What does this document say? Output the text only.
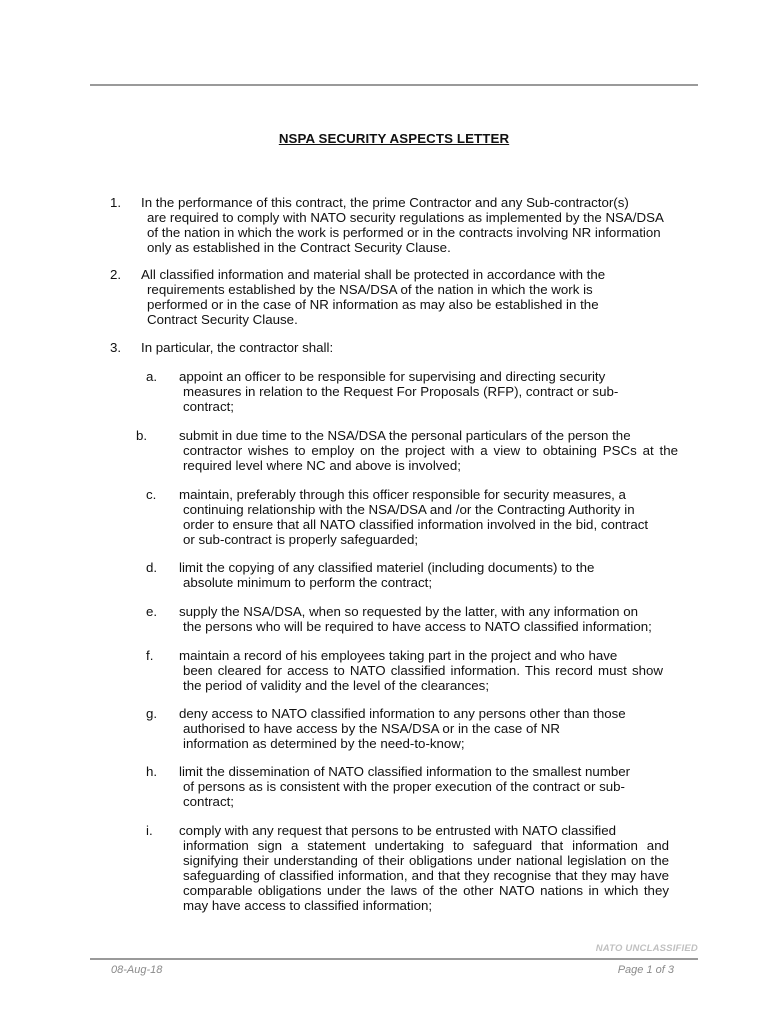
NSPA SECURITY ASPECTS LETTER
1.	In the performance of this contract, the prime Contractor and any Sub-contractor(s)
are required to comply with NATO security regulations as implemented by the NSA/DSA of the nation in which the work is performed or in the contracts involving NR information only as established in the Contract Security Clause.
2.	All classified information and material shall be protected in accordance with the
requirements established by the NSA/DSA of the nation in which the work is performed or in the case of NR information as may also be established in the Contract Security Clause.
3.	In particular, the contractor shall:
a.	appoint an officer to be responsible for supervising and directing security
measures in relation to the Request For Proposals (RFP), contract or sub-contract;
b.	submit in due time to the NSA/DSA the personal particulars of the person the
contractor wishes to employ on the project with a view to obtaining PSCs at the required level where NC and above is involved;
c.	maintain, preferably through this officer responsible for security measures, a
continuing relationship with the NSA/DSA and /or the Contracting Authority in order to ensure that all NATO classified information involved in the bid, contract or sub-contract is properly safeguarded;
d.	limit the copying of any classified materiel (including documents) to the
absolute minimum to perform the contract;
e.	supply the NSA/DSA, when so requested by the latter, with any information on
the persons who will be required to have access to NATO classified information;
f.	maintain a record of his employees taking part in the project and who have
been cleared for access to NATO classified information. This record must show the period of validity and the level of the clearances;
g.	deny access to NATO classified information to any persons other than those
authorised to have access by the NSA/DSA or in the case of NR information as determined by the need-to-know;
h.	limit the dissemination of NATO classified information to the smallest number
of persons as is consistent with the proper execution of the contract or sub-contract;
i.	comply with any request that persons to be entrusted with NATO classified
information sign a statement undertaking to safeguard that information and signifying their understanding of their obligations under national legislation on the safeguarding of classified information, and that they recognise that they may have comparable obligations under the laws of the other NATO nations in which they may have access to classified information;
NATO UNCLASSIFIED
08-Aug-18	Page 1 of 3
